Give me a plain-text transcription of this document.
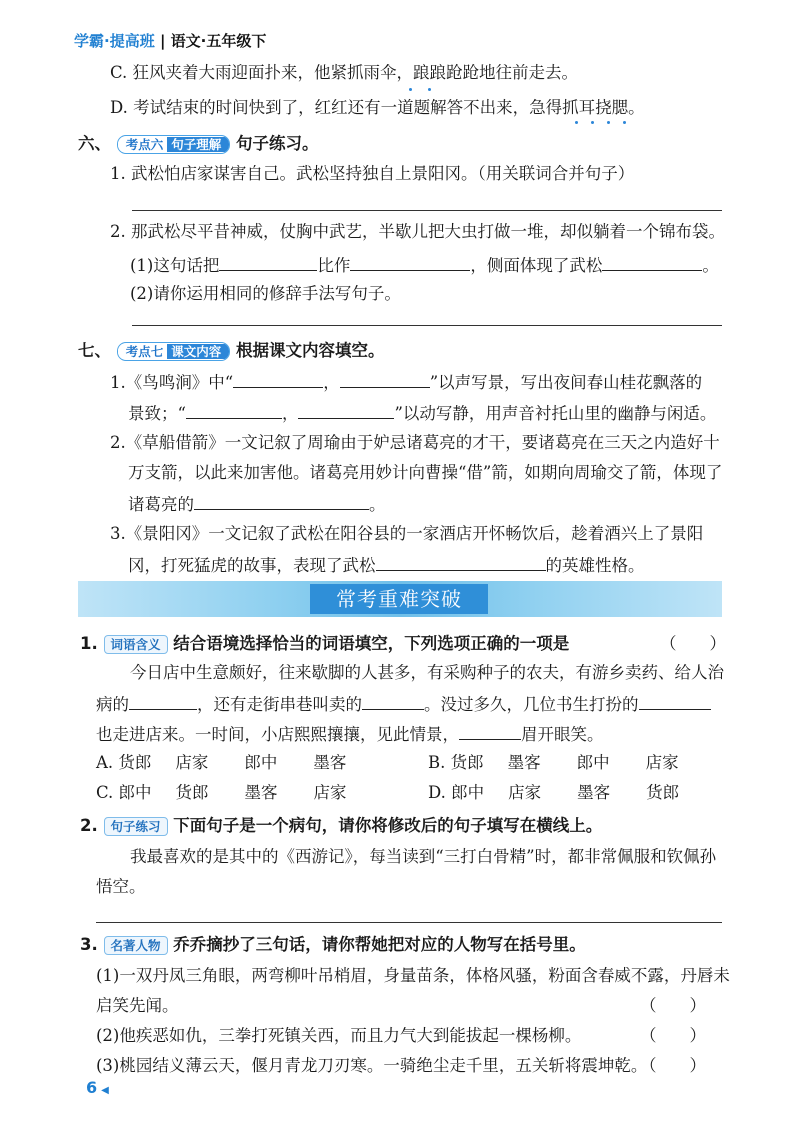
学霸·提高班 | 语文·五年级下
C. 狂风夹着大雨迎面扑来，他紧抓雨伞，踉踉跄跄地往前走去。
D. 考试结束的时间快到了，红红还有一道题解答不出来，急得抓耳挠腮。
六、 考点六 句子理解 句子练习。
1. 武松怕店家谋害自己。武松坚持独自上景阳冈。（用关联词合并句子）
2. 那武松尽平昔神威，仗胸中武艺，半歇儿把大虫打做一堆，却似躺着一个锦布袋。
(1)这句话把	比作	，侧面体现了武松	。
(2)请你运用相同的修辞手法写句子。
七、 考点七 课文内容 根据课文内容填空。
1.《鸟鸣涧》中“	，	”以声写景，写出夜间春山桂花飘落的
景致；“	，	”以动写静，用声音衬托山里的幽静与闲适。
2.《草船借箭》一文记叙了周瑜由于妒忌诸葛亮的才干，要诸葛亮在三天之内造好十
万支箭，以此来加害他。诸葛亮用妙计向曹操“借”箭，如期向周瑜交了箭，体现了
诸葛亮的	。
3.《景阳冈》一文记叙了武松在阳谷县的一家酒店开怀畅饮后，趁着酒兴上了景阳
冈，打死猛虎的故事，表现了武松	的英雄性格。
常考重难突破
1. 词语含义 结合语境选择恰当的词语填空，下列选项正确的一项是	（　　）
今日店中生意颇好，往来歇脚的人甚多，有采购种子的农夫，有游乡卖药、给人治
病的	，还有走街串巷叫卖的	。没过多久，几位书生打扮的
也走进店来。一时间，小店熙熙攘攘，见此情景，	眉开眼笑。
A. 货郎 店家 郎中 墨客	B. 货郎 墨客 郎中 店家
C. 郎中 货郎 墨客 店家	D. 郎中 店家 墨客 货郎
2. 句子练习 下面句子是一个病句，请你将修改后的句子填写在横线上。
我最喜欢的是其中的《西游记》，每当读到“三打白骨精”时，都非常佩服和钦佩孙
悟空。
3. 名著人物 乔乔摘抄了三句话，请你帮她把对应的人物写在括号里。
(1)一双丹凤三角眼，两弯柳叶吊梢眉，身量苗条，体格风骚，粉面含春威不露，丹唇未
启笑先闻。	（　　）
(2)他疾恶如仇，三拳打死镇关西，而且力气大到能拔起一棵杨柳。	（　　）
(3)桃园结义薄云天，偃月青龙刀刃寒。一骑绝尘走千里，五关斩将震坤乾。
（　　）
6 ◀
